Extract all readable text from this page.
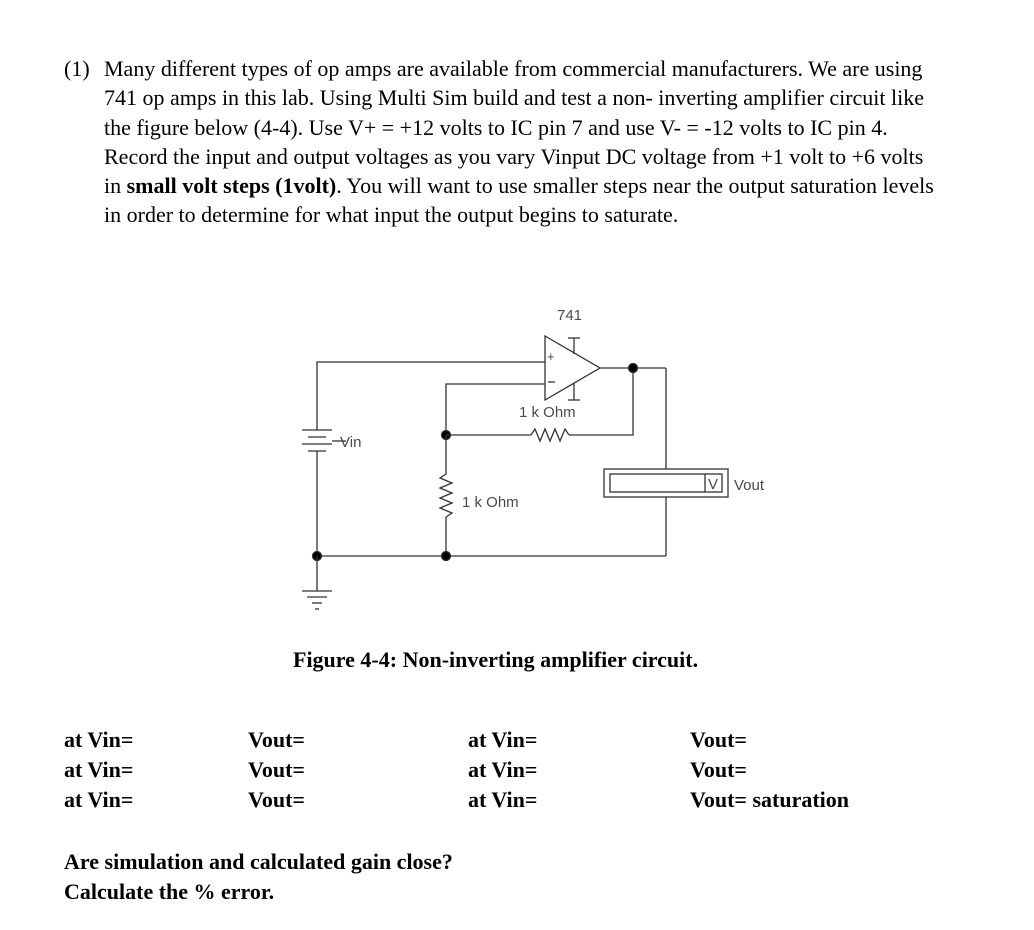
(1) Many different types of op amps are available from commercial manufacturers. We are using 741 op amps in this lab. Using Multi Sim build and test a non- inverting amplifier circuit like the figure below (4-4). Use V+ = +12 volts to IC pin 7 and use V- = -12 volts to IC pin 4. Record the input and output voltages as you vary Vinput DC voltage from +1 volt to +6 volts in small volt steps (1volt). You will want to use smaller steps near the output saturation levels in order to determine for what input the output begins to saturate.
741
+
Vin
1 k Ohm
V Vout
1 k Ohm
Figure 4-4: Non-inverting amplifier circuit.
at Vin=
at Vin=
at Vin=
Vout=
Vout=
Vout=
at Vin=
at Vin=
at Vin=
Vout=
Vout=
Vout= saturation
Are simulation and calculated gain close?
Calculate the % error.
